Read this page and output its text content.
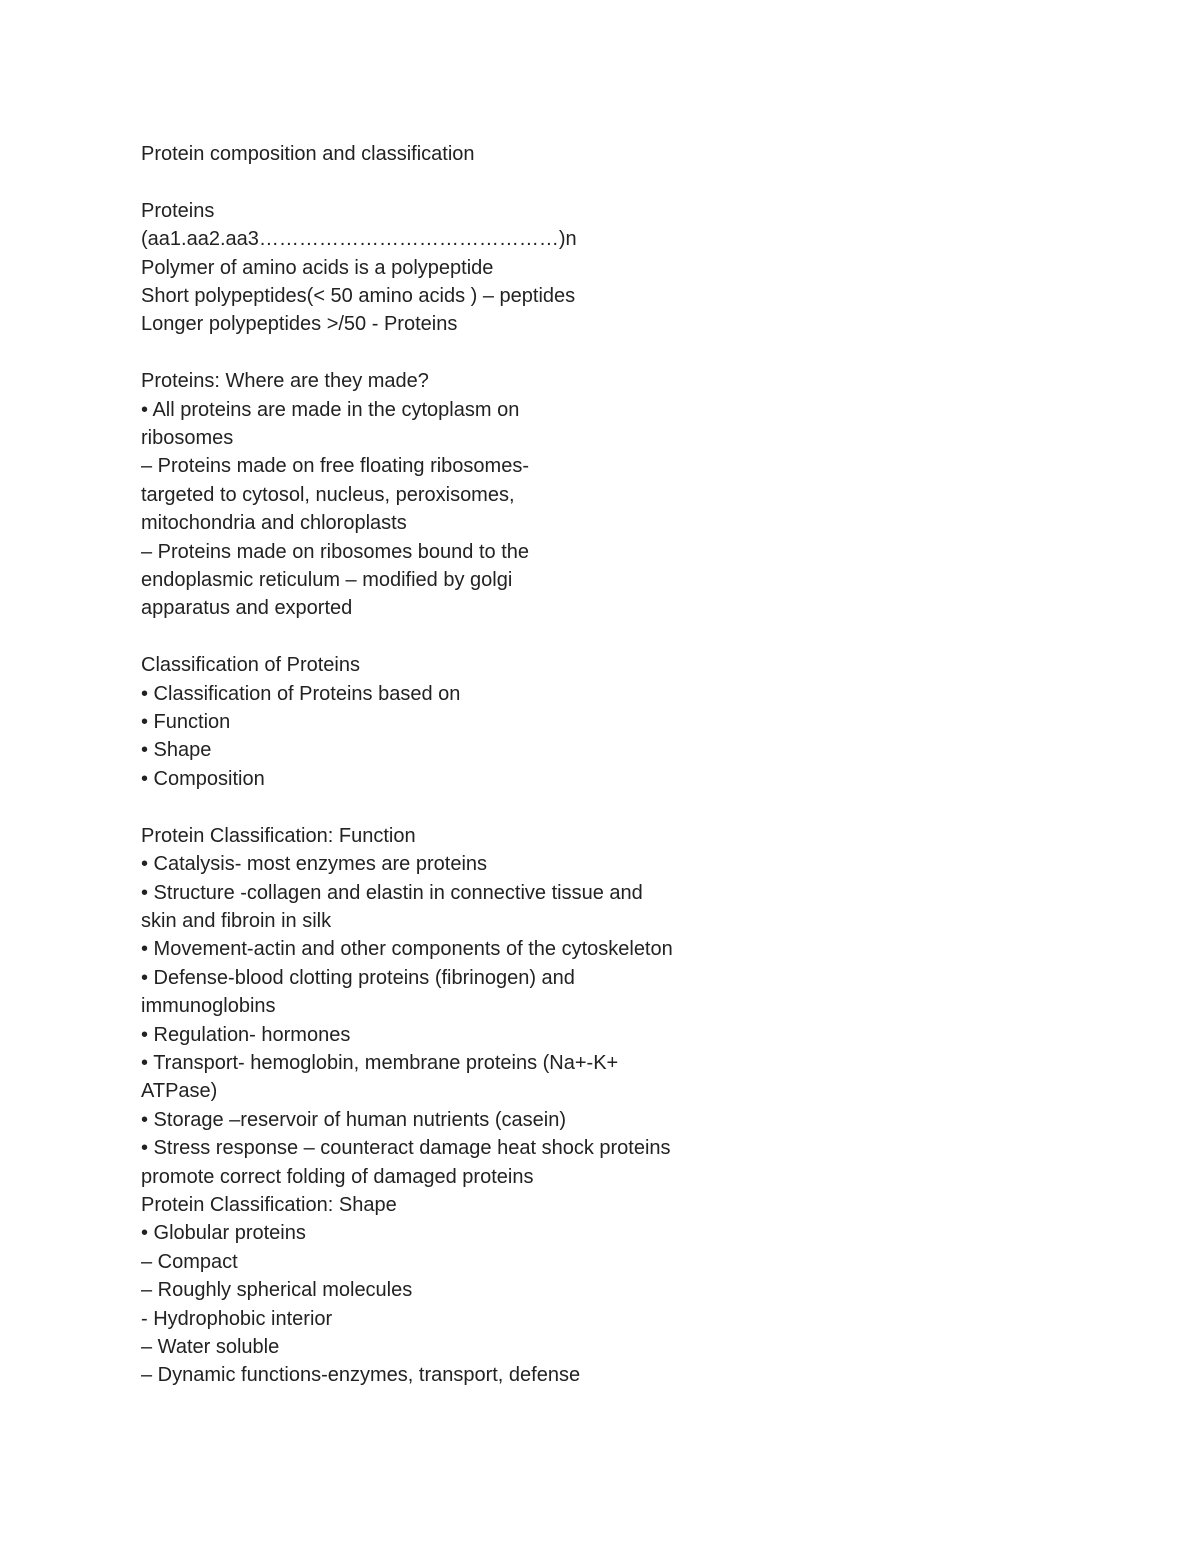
Protein composition and classification
Proteins
(aa1.aa2.aa3………………………………………)n
Polymer of amino acids is a polypeptide
Short polypeptides(< 50 amino acids ) – peptides
Longer polypeptides >/50 - Proteins
Proteins: Where are they made?
• All proteins are made in the cytoplasm on
ribosomes
– Proteins made on free floating ribosomes-
targeted to cytosol, nucleus, peroxisomes,
mitochondria and chloroplasts
– Proteins made on ribosomes bound to the
endoplasmic reticulum – modified by golgi
apparatus and exported
Classification of Proteins
• Classification of Proteins based on
• Function
• Shape
• Composition
Protein Classification: Function
• Catalysis- most enzymes are proteins
• Structure -collagen and elastin in connective tissue and
skin and fibroin in silk
• Movement-actin and other components of the cytoskeleton
• Defense-blood clotting proteins (fibrinogen) and
immunoglobins
• Regulation- hormones
• Transport- hemoglobin, membrane proteins (Na+-K+
ATPase)
• Storage –reservoir of human nutrients (casein)
• Stress response – counteract damage heat shock proteins
promote correct folding of damaged proteins
Protein Classification: Shape
• Globular proteins
– Compact
– Roughly spherical molecules
- Hydrophobic interior
– Water soluble
– Dynamic functions-enzymes, transport, defense
